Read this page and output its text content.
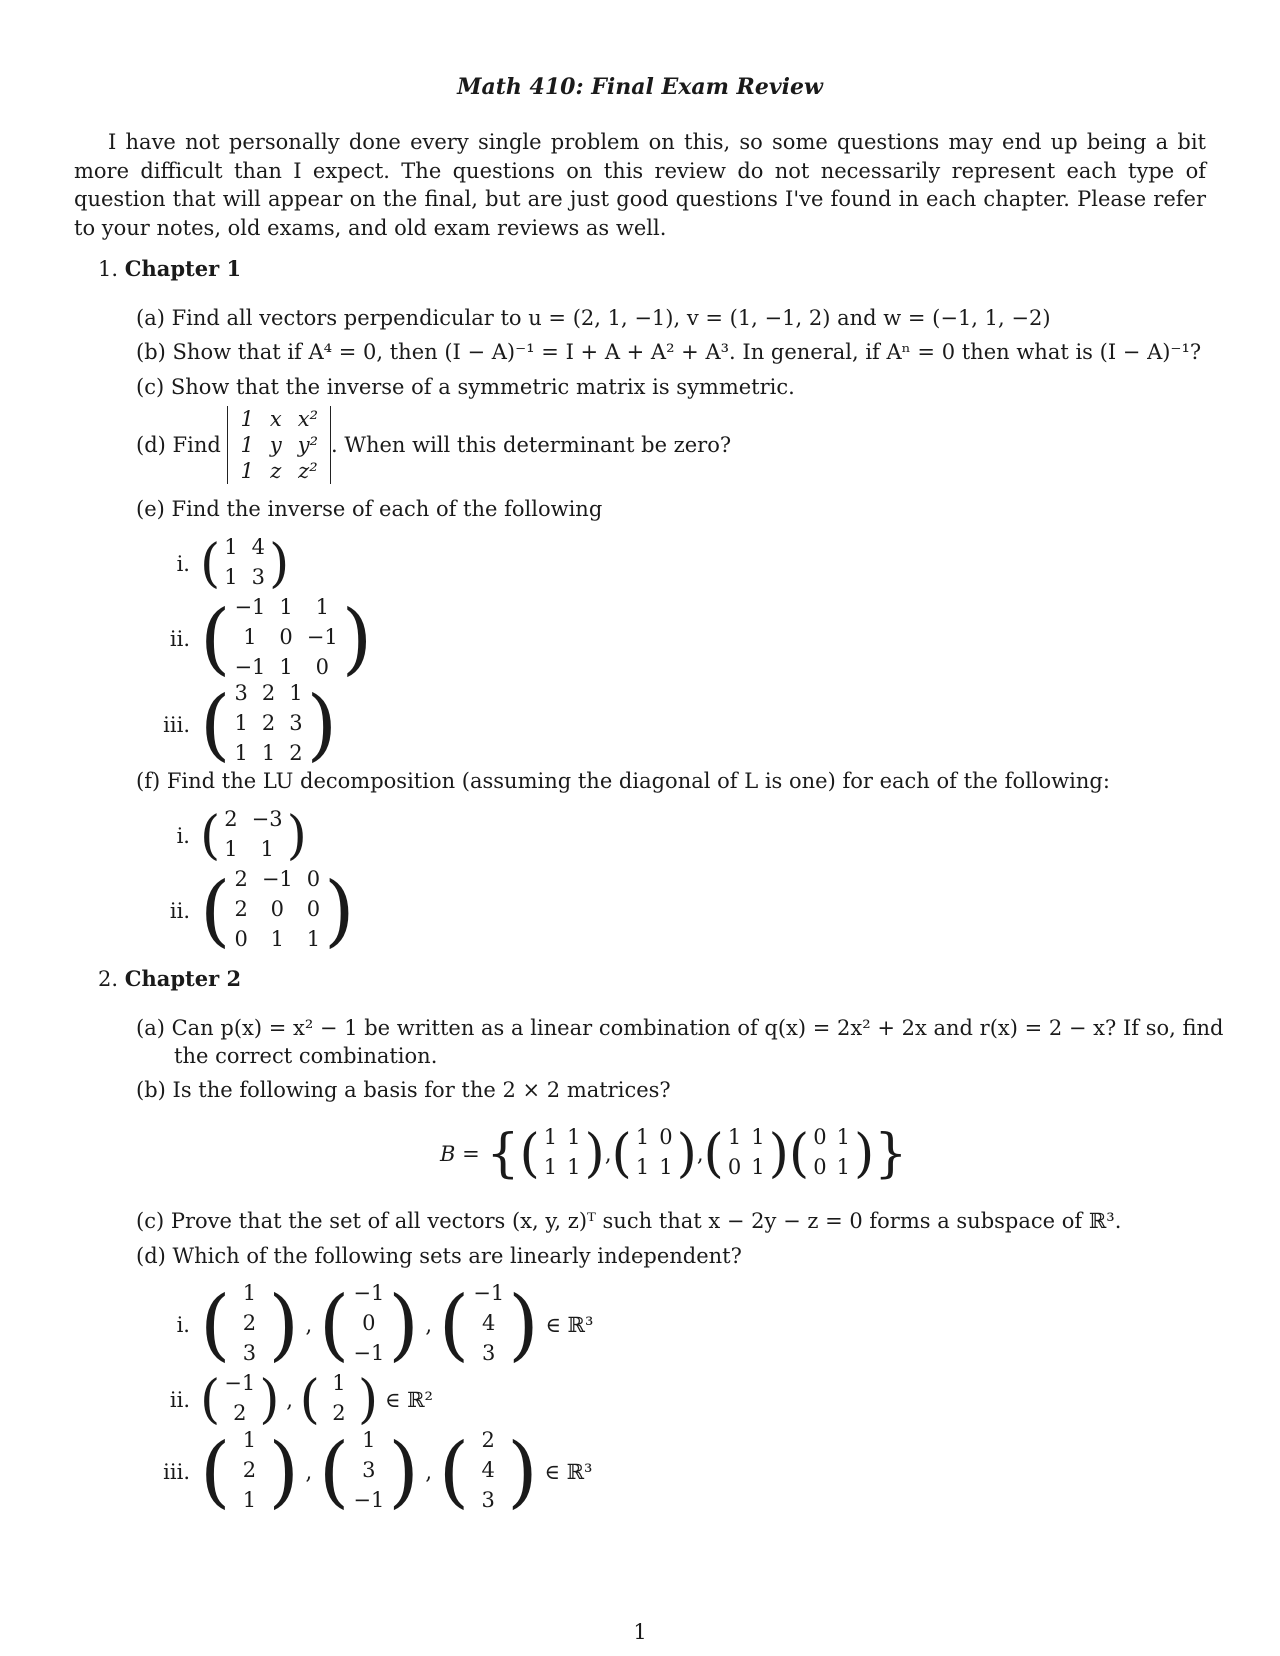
Math 410: Final Exam Review
I have not personally done every single problem on this, so some questions may end up being a bit more difficult than I expect. The questions on this review do not necessarily represent each type of question that will appear on the final, but are just good questions I've found in each chapter. Please refer to your notes, old exams, and old exam reviews as well.
1. Chapter 1
(a) Find all vectors perpendicular to u = (2, 1, −1), v = (1, −1, 2) and w = (−1, 1, −2)
(b) Show that if A⁴ = 0, then (I − A)⁻¹ = I + A + A² + A³. In general, if Aⁿ = 0 then what is (I − A)⁻¹?
(c) Show that the inverse of a symmetric matrix is symmetric.
(d)
Find

1 x x²
1 y y²
1 z z²
. When will this determinant be zero?
(e) Find the inverse of each of the following
i. ( 1 4
1 3 )
ii. ( −1 1	1
1	0 −1
−1 1	0 )
iii. ( 3 2 1
1 2 3
1 1 2 )
(f) Find the LU decomposition (assuming the diagonal of L is one) for each of the following:
i. ( 2 −3
1	1 )
ii. ( 2 −1 0
2	0	0
0	1	1 )
2. Chapter 2
(a) Can p(x) = x² − 1 be written as a linear combination of q(x) = 2x² + 2x and r(x) = 2 − x? If so, find
the correct combination.
(b) Is the following a basis for the 2 × 2 matrices?
B =
{ ( 1 1
1 1 ) , ( 1 0
1 1 ) , ( 1 1
0 1 ) ( 0 1
0 1 ) }
(c) Prove that the set of all vectors (x, y, z)ᵀ such that x − 2y − z = 0 forms a subspace of ℝ³.
(d) Which of the following sets are linearly independent?
i. ( 1
2
3 ) , ( −1
0
−1 ) , ( −1
4
3 )
∈ ℝ³
ii. ( −1
2 ) , ( 1
2 )
∈ ℝ²
iii. ( 1
2
1 ) , ( 1
3
−1 ) , ( 2
4
3 )
∈ ℝ³
1
